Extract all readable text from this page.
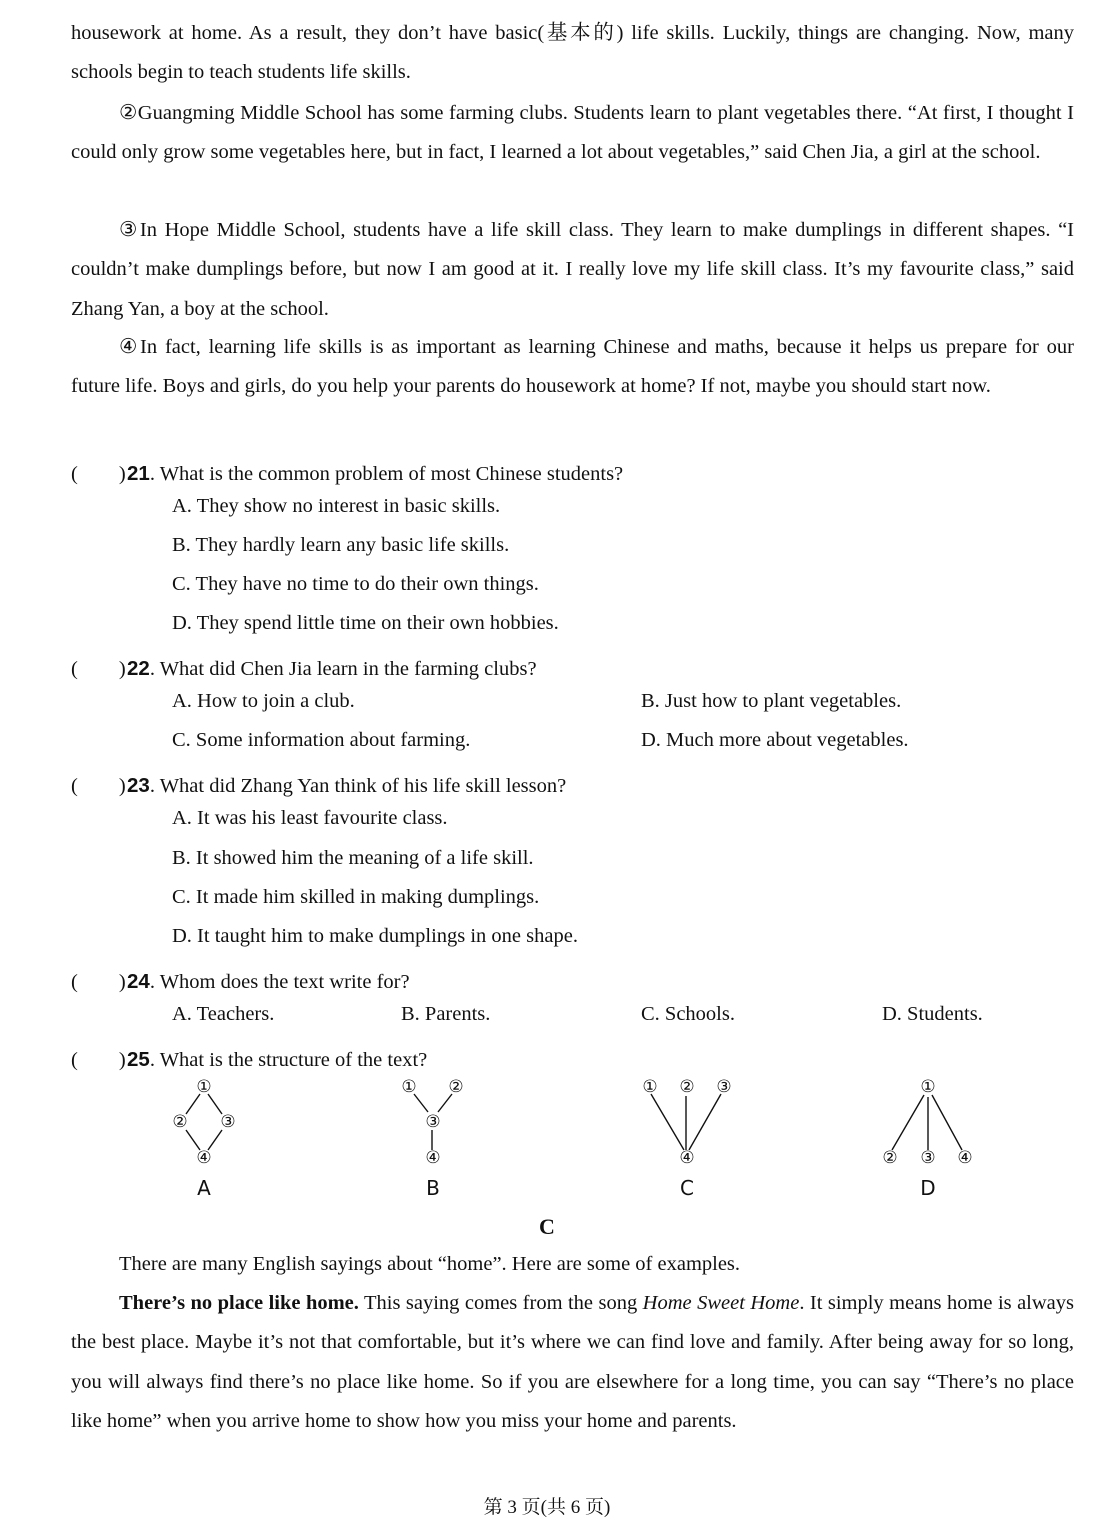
housework at home. As a result, they don’t have basic(基本的) life skills. Luckily, things are changing. Now, many schools begin to teach students life skills.
②Guangming Middle School has some farming clubs. Students learn to plant vegetables there. “At first, I thought I could only grow some vegetables here, but in fact, I learned a lot about vegetables,” said Chen Jia, a girl at the school.
③In Hope Middle School, students have a life skill class. They learn to make dumplings in different shapes. “I couldn’t make dumplings before, but now I am good at it. I really love my life skill class. It’s my favourite class,” said Zhang Yan, a boy at the school.
④In fact, learning life skills is as important as learning Chinese and maths, because it helps us prepare for our future life. Boys and girls, do you help your parents do housework at home? If not, maybe you should start now.
(　　)21. What is the common problem of most Chinese students?
A. They show no interest in basic skills.
B. They hardly learn any basic life skills.
C. They have no time to do their own things.
D. They spend little time on their own hobbies.
(　　)22. What did Chen Jia learn in the farming clubs?
A. How to join a club.	B. Just how to plant vegetables.
C. Some information about farming.	D. Much more about vegetables.
(　　)23. What did Zhang Yan think of his life skill lesson?
A. It was his least favourite class.
B. It showed him the meaning of a life skill.
C. It made him skilled in making dumplings.
D. It taught him to make dumplings in one shape.
(　　)24. Whom does the text write for?
A. Teachers.	B. Parents.	C. Schools.	D. Students.
(　　)25. What is the structure of the text?
①
② ③
④
① ②
③
④
① ② ③
④
①
② ③ ④
A	B	C	D
C
There are many English sayings about “home”. Here are some of examples.
There’s no place like home. This saying comes from the song Home Sweet Home. It simply means home is always the best place. Maybe it’s not that comfortable, but it’s where we can find love and family. After being away for so long, you will always find there’s no place like home. So if you are elsewhere for a long time, you can say “There’s no place like home” when you arrive home to show how you miss your home and parents.
第 3 页(共 6 页)
